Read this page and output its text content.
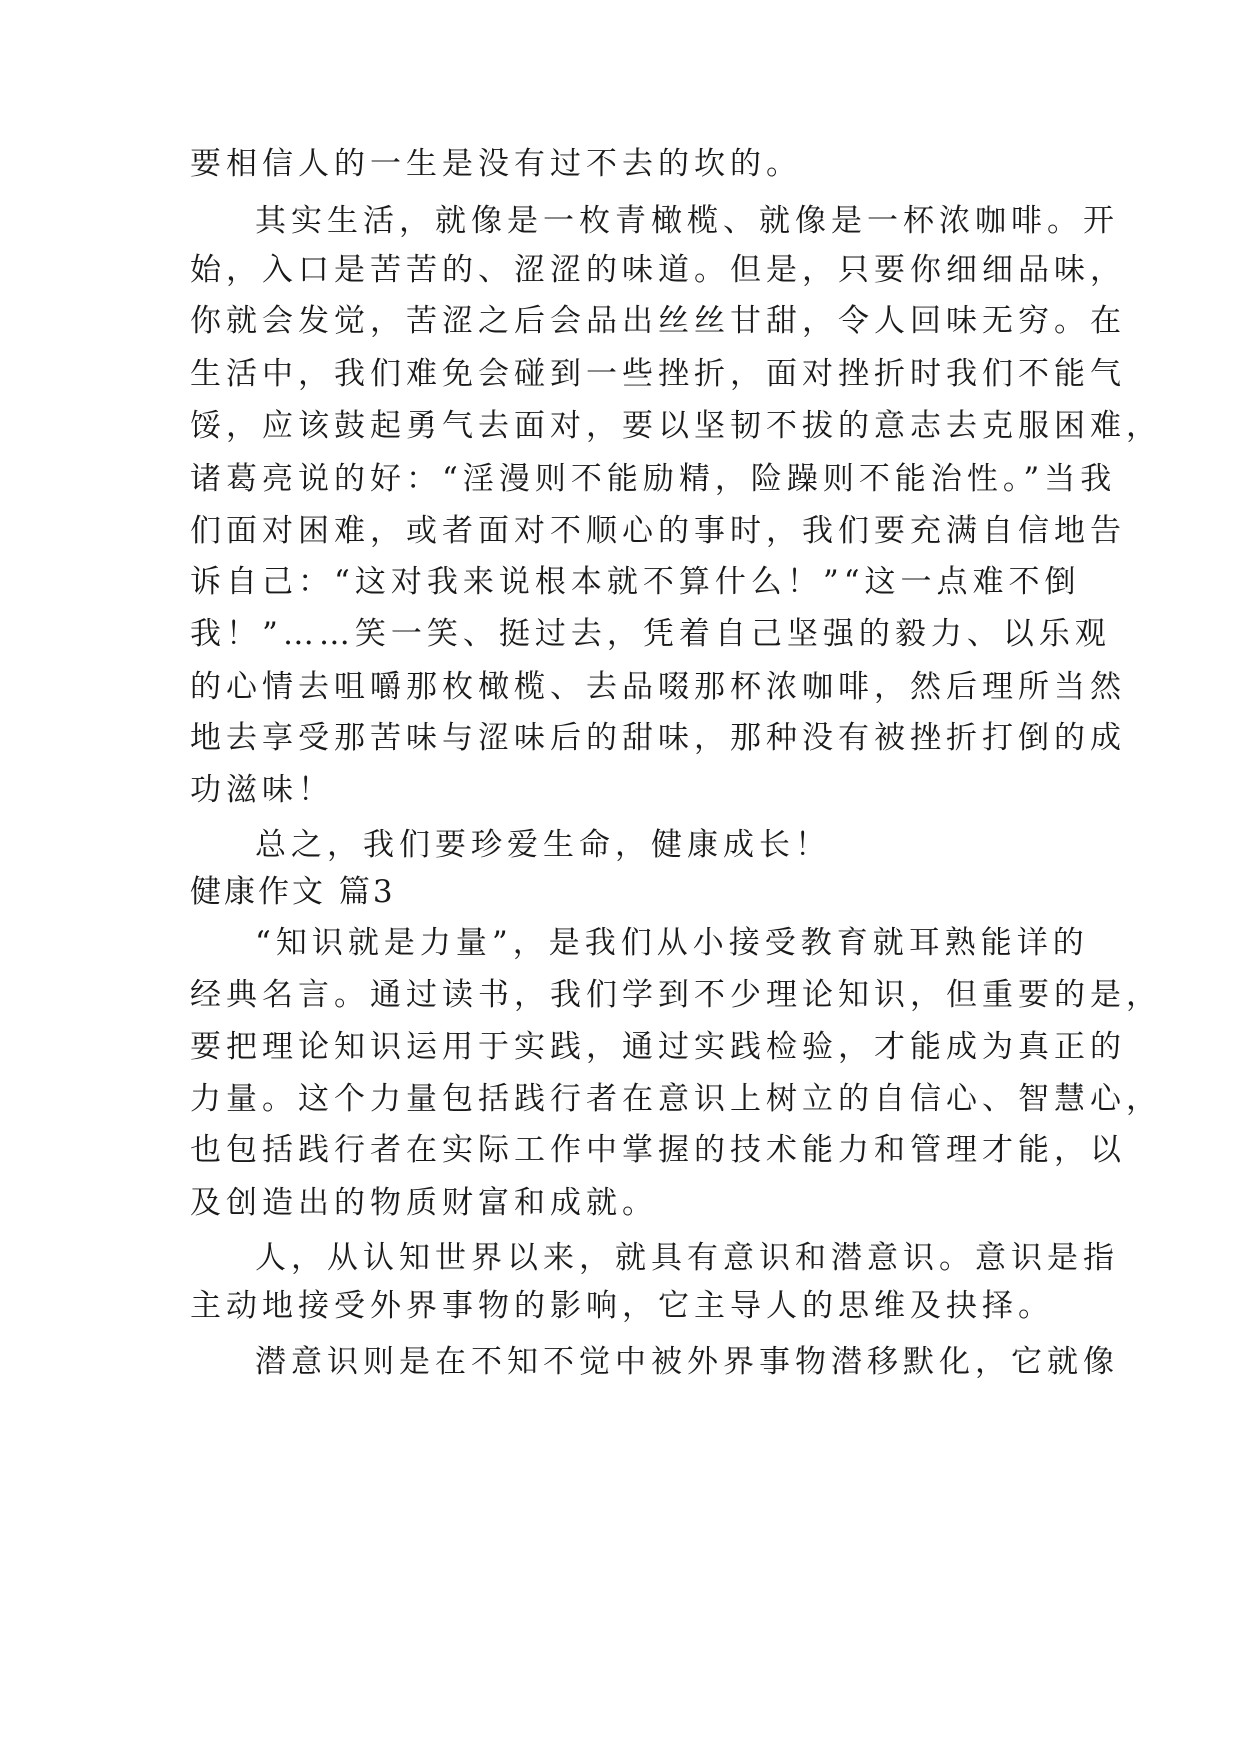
要相信人的一生是没有过不去的坎的。
其实生活，就像是一枚青橄榄、就像是一杯浓咖啡。开
始，入口是苦苦的、涩涩的味道。但是，只要你细细品味，
你就会发觉，苦涩之后会品出丝丝甘甜，令人回味无穷。在
生活中，我们难免会碰到一些挫折，面对挫折时我们不能气
馁，应该鼓起勇气去面对，要以坚韧不拔的意志去克服困难，
诸葛亮说的好：“淫漫则不能励精，险躁则不能治性。”当我
们面对困难，或者面对不顺心的事时，我们要充满自信地告
诉自己：“这对我来说根本就不算什么！”“这一点难不倒
我！”……笑一笑、挺过去，凭着自己坚强的毅力、以乐观
的心情去咀嚼那枚橄榄、去品啜那杯浓咖啡，然后理所当然
地去享受那苦味与涩味后的甜味，那种没有被挫折打倒的成
功滋味！
总之，我们要珍爱生命，健康成长！
健康作文 篇3
“知识就是力量”，是我们从小接受教育就耳熟能详的
经典名言。通过读书，我们学到不少理论知识，但重要的是，
要把理论知识运用于实践，通过实践检验，才能成为真正的
力量。这个力量包括践行者在意识上树立的自信心、智慧心，
也包括践行者在实际工作中掌握的技术能力和管理才能，以
及创造出的物质财富和成就。
人，从认知世界以来，就具有意识和潜意识。意识是指
主动地接受外界事物的影响，它主导人的思维及抉择。
潜意识则是在不知不觉中被外界事物潜移默化，它就像
